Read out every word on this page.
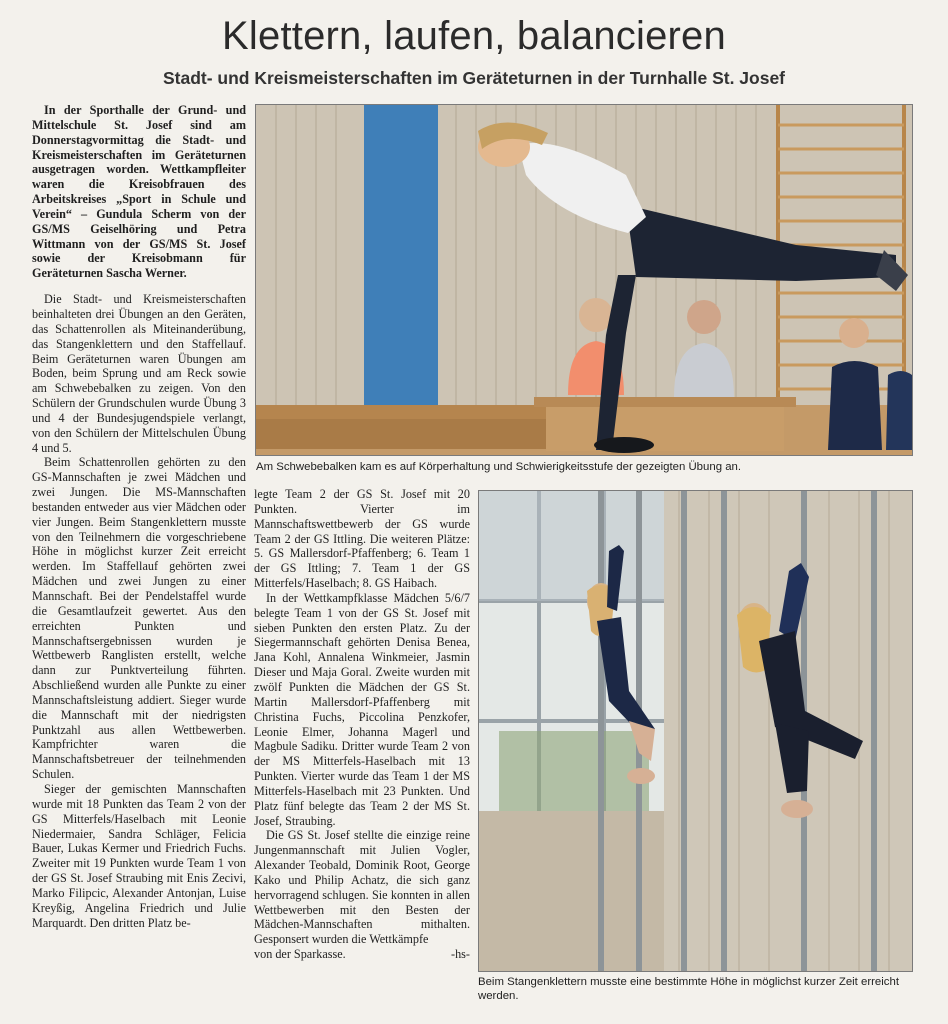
Klettern, laufen, balancieren
Stadt- und Kreismeisterschaften im Geräteturnen in der Turnhalle St. Josef

In der Sporthalle der Grund- und Mittelschule St. Josef sind am Donnerstagvormittag die Stadt- und Kreismeisterschaften im Geräteturnen ausgetragen worden. Wettkampfleiter waren die Kreisobfrauen des Arbeitskreises „Sport in Schule und Verein“ – Gundula Scherm von der GS/MS Geiselhöring und Petra Wittmann von der GS/MS St. Josef sowie der Kreisobmann für Geräteturnen Sascha Werner.

Die Stadt- und Kreismeisterschaften beinhalteten drei Übungen an den Geräten, das Schattenrollen als Miteinanderübung, das Stangenklettern und den Staffellauf. Beim Geräteturnen waren Übungen am Boden, beim Sprung und am Reck sowie am Schwebebalken zu zeigen. Von den Schülern der Grundschulen wurde Übung 3 und 4 der Bundesjugendspiele verlangt, von den Schülern der Mittelschulen Übung 4 und 5.

Beim Schattenrollen gehörten zu den GS-Mannschaften je zwei Mädchen und zwei Jungen. Die MS-Mannschaften bestanden entweder aus vier Mädchen oder vier Jungen. Beim Stangenklettern musste von den Teilnehmern die vorgeschriebene Höhe in möglichst kurzer Zeit erreicht werden. Im Staffellauf gehörten zwei Mädchen und zwei Jungen zu einer Mannschaft. Bei der Pendelstaffel wurde die Gesamtlaufzeit gewertet. Aus den erreichten Punkten und Mannschaftsergebnissen wurden je Wettbewerb Ranglisten erstellt, welche dann zur Punktverteilung führten. Abschließend wurden alle Punkte zu einer Mannschaftsleistung addiert. Sieger wurde die Mannschaft mit der niedrigsten Punktzahl aus allen Wettbewerben. Kampfrichter waren die Mannschaftsbetreuer der teilnehmenden Schulen.

Sieger der gemischten Mannschaften wurde mit 18 Punkten das Team 2 von der GS Mitterfels/Haselbach mit Leonie Niedermaier, Sandra Schläger, Felicia Bauer, Lukas Kermer und Friedrich Fuchs. Zweiter mit 19 Punkten wurde Team 1 von der GS St. Josef Straubing mit Enis Zecivi, Marko Filipcic, Alexander Antonjan, Luise Kreyßig, Angelina Friedrich und Julie Marquardt. Den dritten Platz be-

legte Team 2 der GS St. Josef mit 20 Punkten. Vierter im Mannschaftswettbewerb der GS wurde Team 2 der GS Ittling. Die weiteren Plätze: 5. GS Mallersdorf-Pfaffenberg; 6. Team 1 der GS Ittling; 7. Team 1 der GS Mitterfels/Haselbach; 8. GS Haibach.

In der Wettkampfklasse Mädchen 5/6/7 belegte Team 1 von der GS St. Josef mit sieben Punkten den ersten Platz. Zu der Siegermannschaft gehörten Denisa Benea, Jana Kohl, Annalena Winkmeier, Jasmin Dieser und Maja Goral. Zweite wurden mit zwölf Punkten die Mädchen der GS St. Martin Mallersdorf-Pfaffenberg mit Christina Fuchs, Piccolina Penzkofer, Leonie Elmer, Johanna Magerl und Magbule Sadiku. Dritter wurde Team 2 von der MS Mitterfels-Haselbach mit 13 Punkten. Vierter wurde das Team 1 der MS Mitterfels-Haselbach mit 23 Punkten. Und Platz fünf belegte das Team 2 der MS St. Josef, Straubing.

Die GS St. Josef stellte die einzige reine Jungenmannschaft mit Julien Vogler, Alexander Teobald, Dominik Root, George Kako und Philip Achatz, die sich ganz hervorragend schlugen. Sie konnten in allen Wettbewerben mit den Besten der Mädchen-Mannschaften mithalten. Gesponsert wurden die Wettkämpfe

von der Sparkasse.	-hs-

Am Schwebebalken kam es auf Körperhaltung und Schwierigkeitsstufe der gezeigten Übung an.
Beim Stangenklettern musste eine bestimmte Höhe in möglichst kurzer Zeit erreicht werden.
